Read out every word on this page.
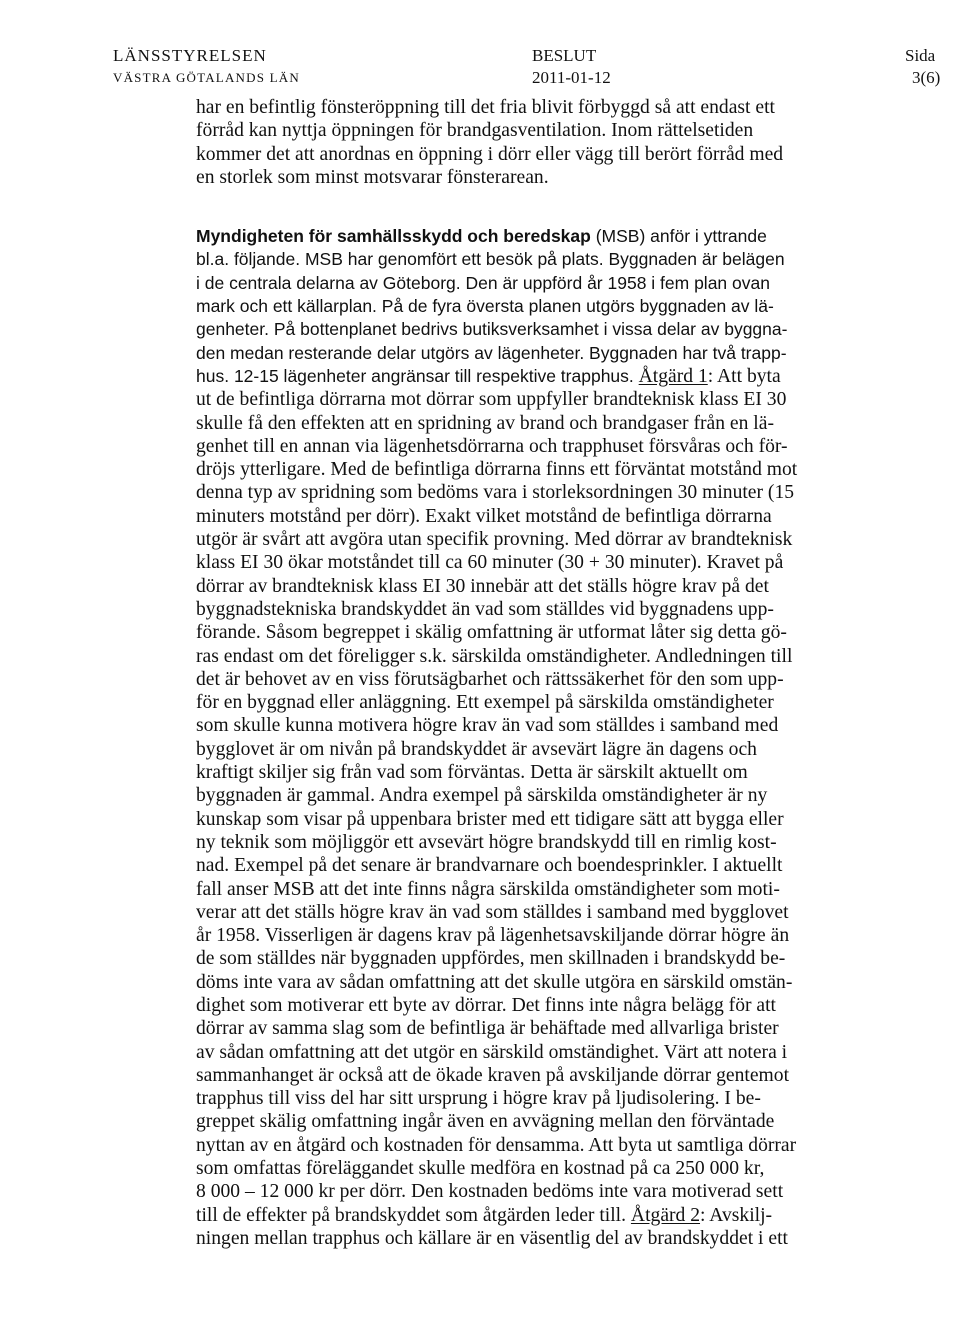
LÄNSSTYRELSEN
VÄSTRA GÖTALANDS LÄN
BESLUT
2011-01-12
Sida
3(6)
har en befintlig fönsteröppning till det fria blivit förbyggd så att endast ett
förråd kan nyttja öppningen för brandgasventilation. Inom rättelsetiden
kommer det att anordnas en öppning i dörr eller vägg till berört förråd med
en storlek som minst motsvarar fönsterarean.
Myndigheten för samhällsskydd och beredskap (MSB) anför i yttrande
bl.a. följande. MSB har genomfört ett besök på plats. Byggnaden är belägen
i de centrala delarna av Göteborg. Den är uppförd år 1958 i fem plan ovan
mark och ett källarplan. På de fyra översta planen utgörs byggnaden av lä-
genheter. På bottenplanet bedrivs butiksverksamhet i vissa delar av byggna-
den medan resterande delar utgörs av lägenheter. Byggnaden har två trapp-
hus. 12-15 lägenheter angränsar till respektive trapphus. Åtgärd 1: Att byta
ut de befintliga dörrarna mot dörrar som uppfyller brandteknisk klass EI 30
skulle få den effekten att en spridning av brand och brandgaser från en lä-
genhet till en annan via lägenhetsdörrarna och trapphuset försvåras och för-
dröjs ytterligare. Med de befintliga dörrarna finns ett förväntat motstånd mot
denna typ av spridning som bedöms vara i storleksordningen 30 minuter (15
minuters motstånd per dörr). Exakt vilket motstånd de befintliga dörrarna
utgör är svårt att avgöra utan specifik provning. Med dörrar av brandteknisk
klass EI 30 ökar motståndet till ca 60 minuter (30 + 30 minuter). Kravet på
dörrar av brandteknisk klass EI 30 innebär att det ställs högre krav på det
byggnadstekniska brandskyddet än vad som ställdes vid byggnadens upp-
förande. Såsom begreppet i skälig omfattning är utformat låter sig detta gö-
ras endast om det föreligger s.k. särskilda omständigheter. Andledningen till
det är behovet av en viss förutsägbarhet och rättssäkerhet för den som upp-
för en byggnad eller anläggning. Ett exempel på särskilda omständigheter
som skulle kunna motivera högre krav än vad som ställdes i samband med
bygglovet är om nivån på brandskyddet är avsevärt lägre än dagens och
kraftigt skiljer sig från vad som förväntas. Detta är särskilt aktuellt om
byggnaden är gammal. Andra exempel på särskilda omständigheter är ny
kunskap som visar på uppenbara brister med ett tidigare sätt att bygga eller
ny teknik som möjliggör ett avsevärt högre brandskydd till en rimlig kost-
nad. Exempel på det senare är brandvarnare och boendesprinkler. I aktuellt
fall anser MSB att det inte finns några särskilda omständigheter som moti-
verar att det ställs högre krav än vad som ställdes i samband med bygglovet
år 1958. Visserligen är dagens krav på lägenhetsavskiljande dörrar högre än
de som ställdes när byggnaden uppfördes, men skillnaden i brandskydd be-
döms inte vara av sådan omfattning att det skulle utgöra en särskild omstän-
dighet som motiverar ett byte av dörrar. Det finns inte några belägg för att
dörrar av samma slag som de befintliga är behäftade med allvarliga brister
av sådan omfattning att det utgör en särskild omständighet. Värt att notera i
sammanhanget är också att de ökade kraven på avskiljande dörrar gentemot
trapphus till viss del har sitt ursprung i högre krav på ljudisolering. I be-
greppet skälig omfattning ingår även en avvägning mellan den förväntade
nyttan av en åtgärd och kostnaden för densamma. Att byta ut samtliga dörrar
som omfattas föreläggandet skulle medföra en kostnad på ca 250 000 kr,
8 000 – 12 000 kr per dörr. Den kostnaden bedöms inte vara motiverad sett
till de effekter på brandskyddet som åtgärden leder till. Åtgärd 2: Avskilj-
ningen mellan trapphus och källare är en väsentlig del av brandskyddet i ett
